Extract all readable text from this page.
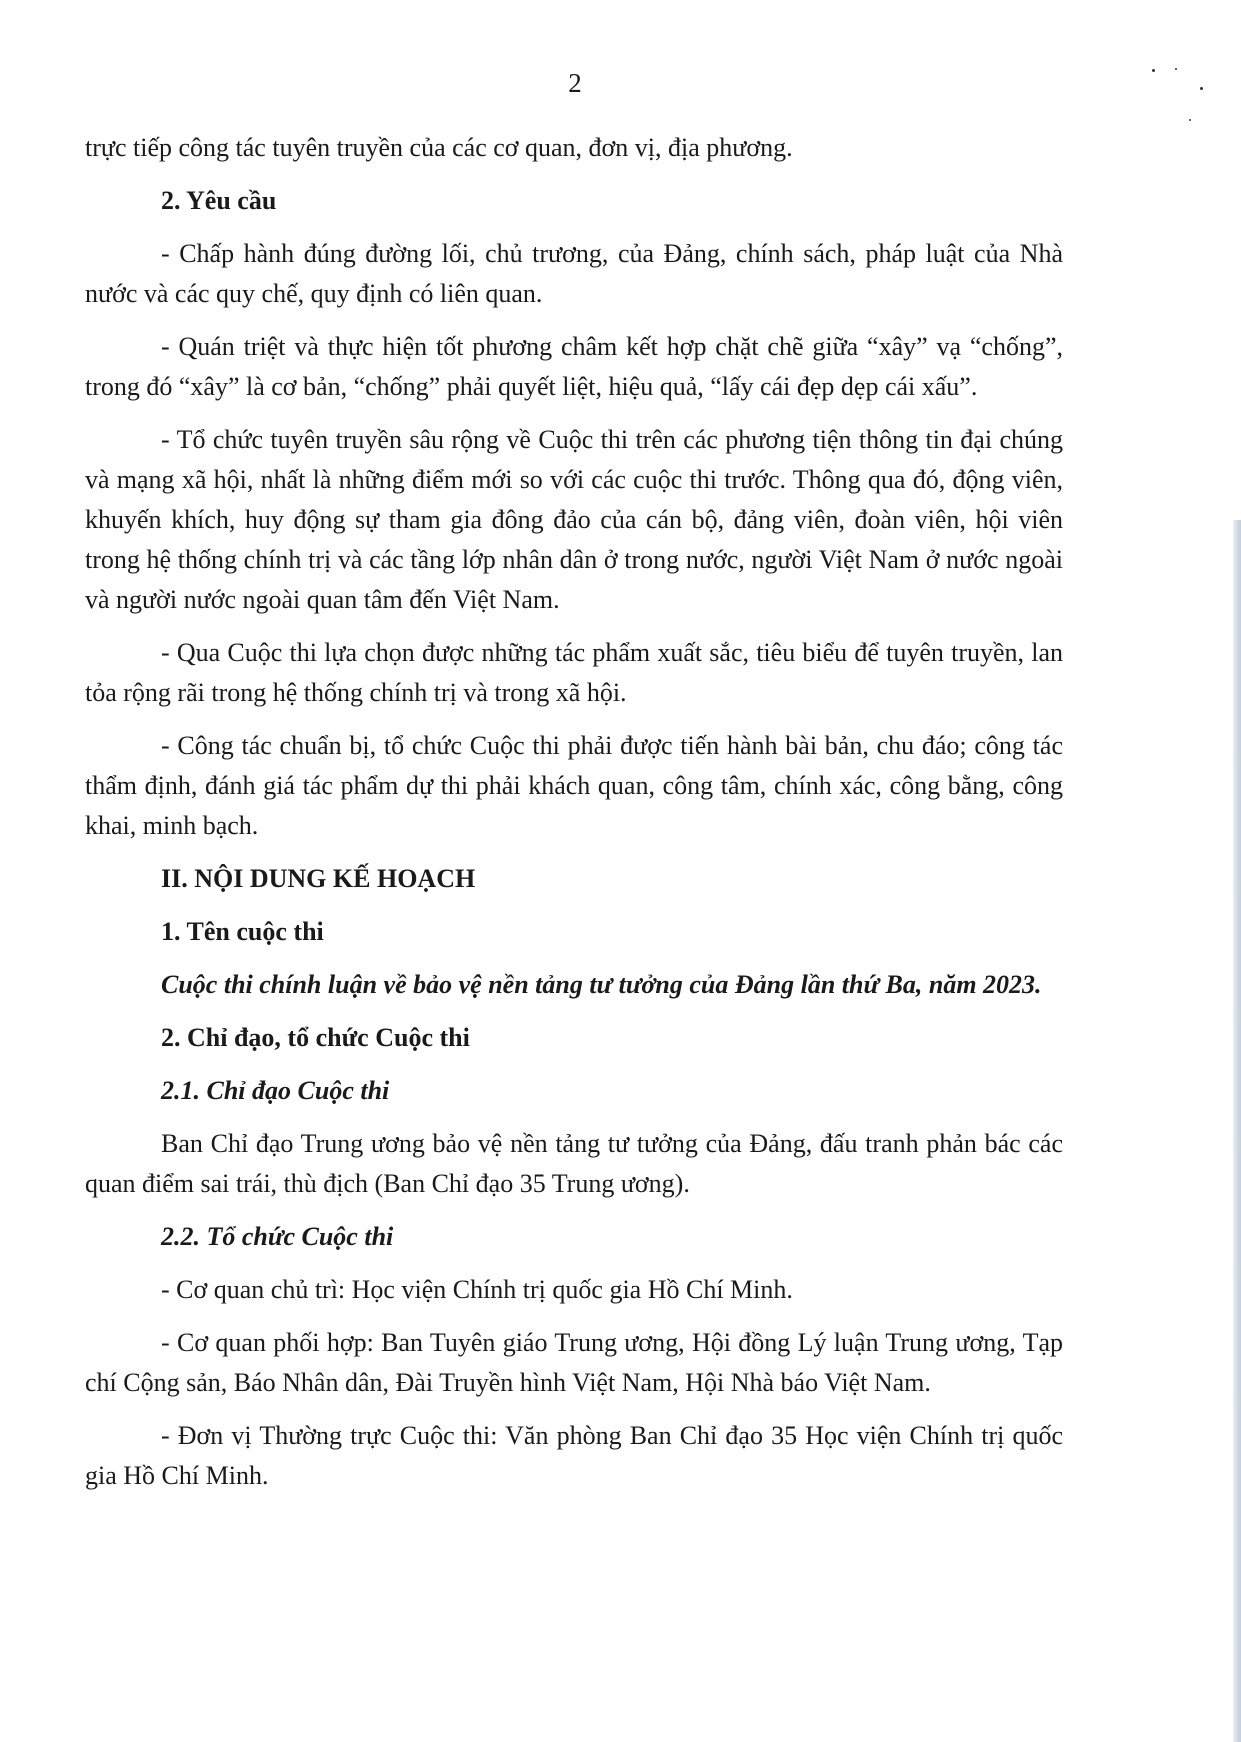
2

trực tiếp công tác tuyên truyền của các cơ quan, đơn vị, địa phương.

2. Yêu cầu

- Chấp hành đúng đường lối, chủ trương, của Đảng, chính sách, pháp luật của Nhà nước và các quy chế, quy định có liên quan.

- Quán triệt và thực hiện tốt phương châm kết hợp chặt chẽ giữa “xây” vạ “chống”, trong đó “xây” là cơ bản, “chống” phải quyết liệt, hiệu quả, “lấy cái đẹp dẹp cái xấu”.

- Tổ chức tuyên truyền sâu rộng về Cuộc thi trên các phương tiện thông tin đại chúng và mạng xã hội, nhất là những điểm mới so với các cuộc thi trước. Thông qua đó, động viên, khuyến khích, huy động sự tham gia đông đảo của cán bộ, đảng viên, đoàn viên, hội viên trong hệ thống chính trị và các tầng lớp nhân dân ở trong nước, người Việt Nam ở nước ngoài và người nước ngoài quan tâm đến Việt Nam.

- Qua Cuộc thi lựa chọn được những tác phẩm xuất sắc, tiêu biểu để tuyên truyền, lan tỏa rộng rãi trong hệ thống chính trị và trong xã hội.

- Công tác chuẩn bị, tổ chức Cuộc thi phải được tiến hành bài bản, chu đáo; công tác thẩm định, đánh giá tác phẩm dự thi phải khách quan, công tâm, chính xác, công bằng, công khai, minh bạch.

II. NỘI DUNG KẾ HOẠCH

1. Tên cuộc thi

Cuộc thi chính luận về bảo vệ nền tảng tư tưởng của Đảng lần thứ Ba, năm 2023.

2. Chỉ đạo, tổ chức Cuộc thi

2.1. Chỉ đạo Cuộc thi

Ban Chỉ đạo Trung ương bảo vệ nền tảng tư tưởng của Đảng, đấu tranh phản bác các quan điểm sai trái, thù địch (Ban Chỉ đạo 35 Trung ương).

2.2. Tổ chức Cuộc thi

- Cơ quan chủ trì: Học viện Chính trị quốc gia Hồ Chí Minh.

- Cơ quan phối hợp: Ban Tuyên giáo Trung ương, Hội đồng Lý luận Trung ương, Tạp chí Cộng sản, Báo Nhân dân, Đài Truyền hình Việt Nam, Hội Nhà báo Việt Nam.

- Đơn vị Thường trực Cuộc thi: Văn phòng Ban Chỉ đạo 35 Học viện Chính trị quốc gia Hồ Chí Minh.
